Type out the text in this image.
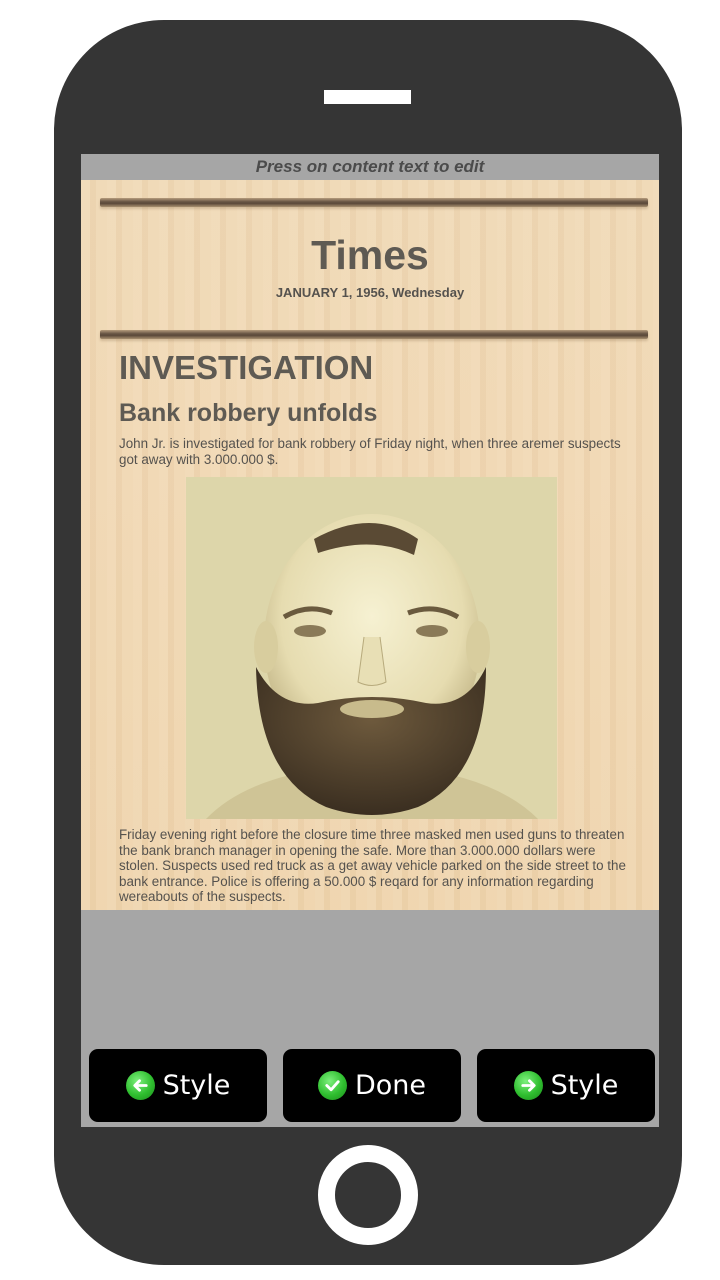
Press on content text to edit
Times
JANUARY 1, 1956, Wednesday
INVESTIGATION
Bank robbery unfolds
John Jr. is investigated for bank robbery of Friday night, when three aremer suspects got away with 3.000.000 $.
Friday evening right before the closure time three masked men used guns to threaten the bank branch manager in opening the safe. More than 3.000.000 dollars were stolen. Suspects used red truck as a get away vehicle parked on the side street to the bank entrance. Police is offering a 50.000 $ reqard for any information regarding wereabouts of the suspects.
Style	Done	Style
